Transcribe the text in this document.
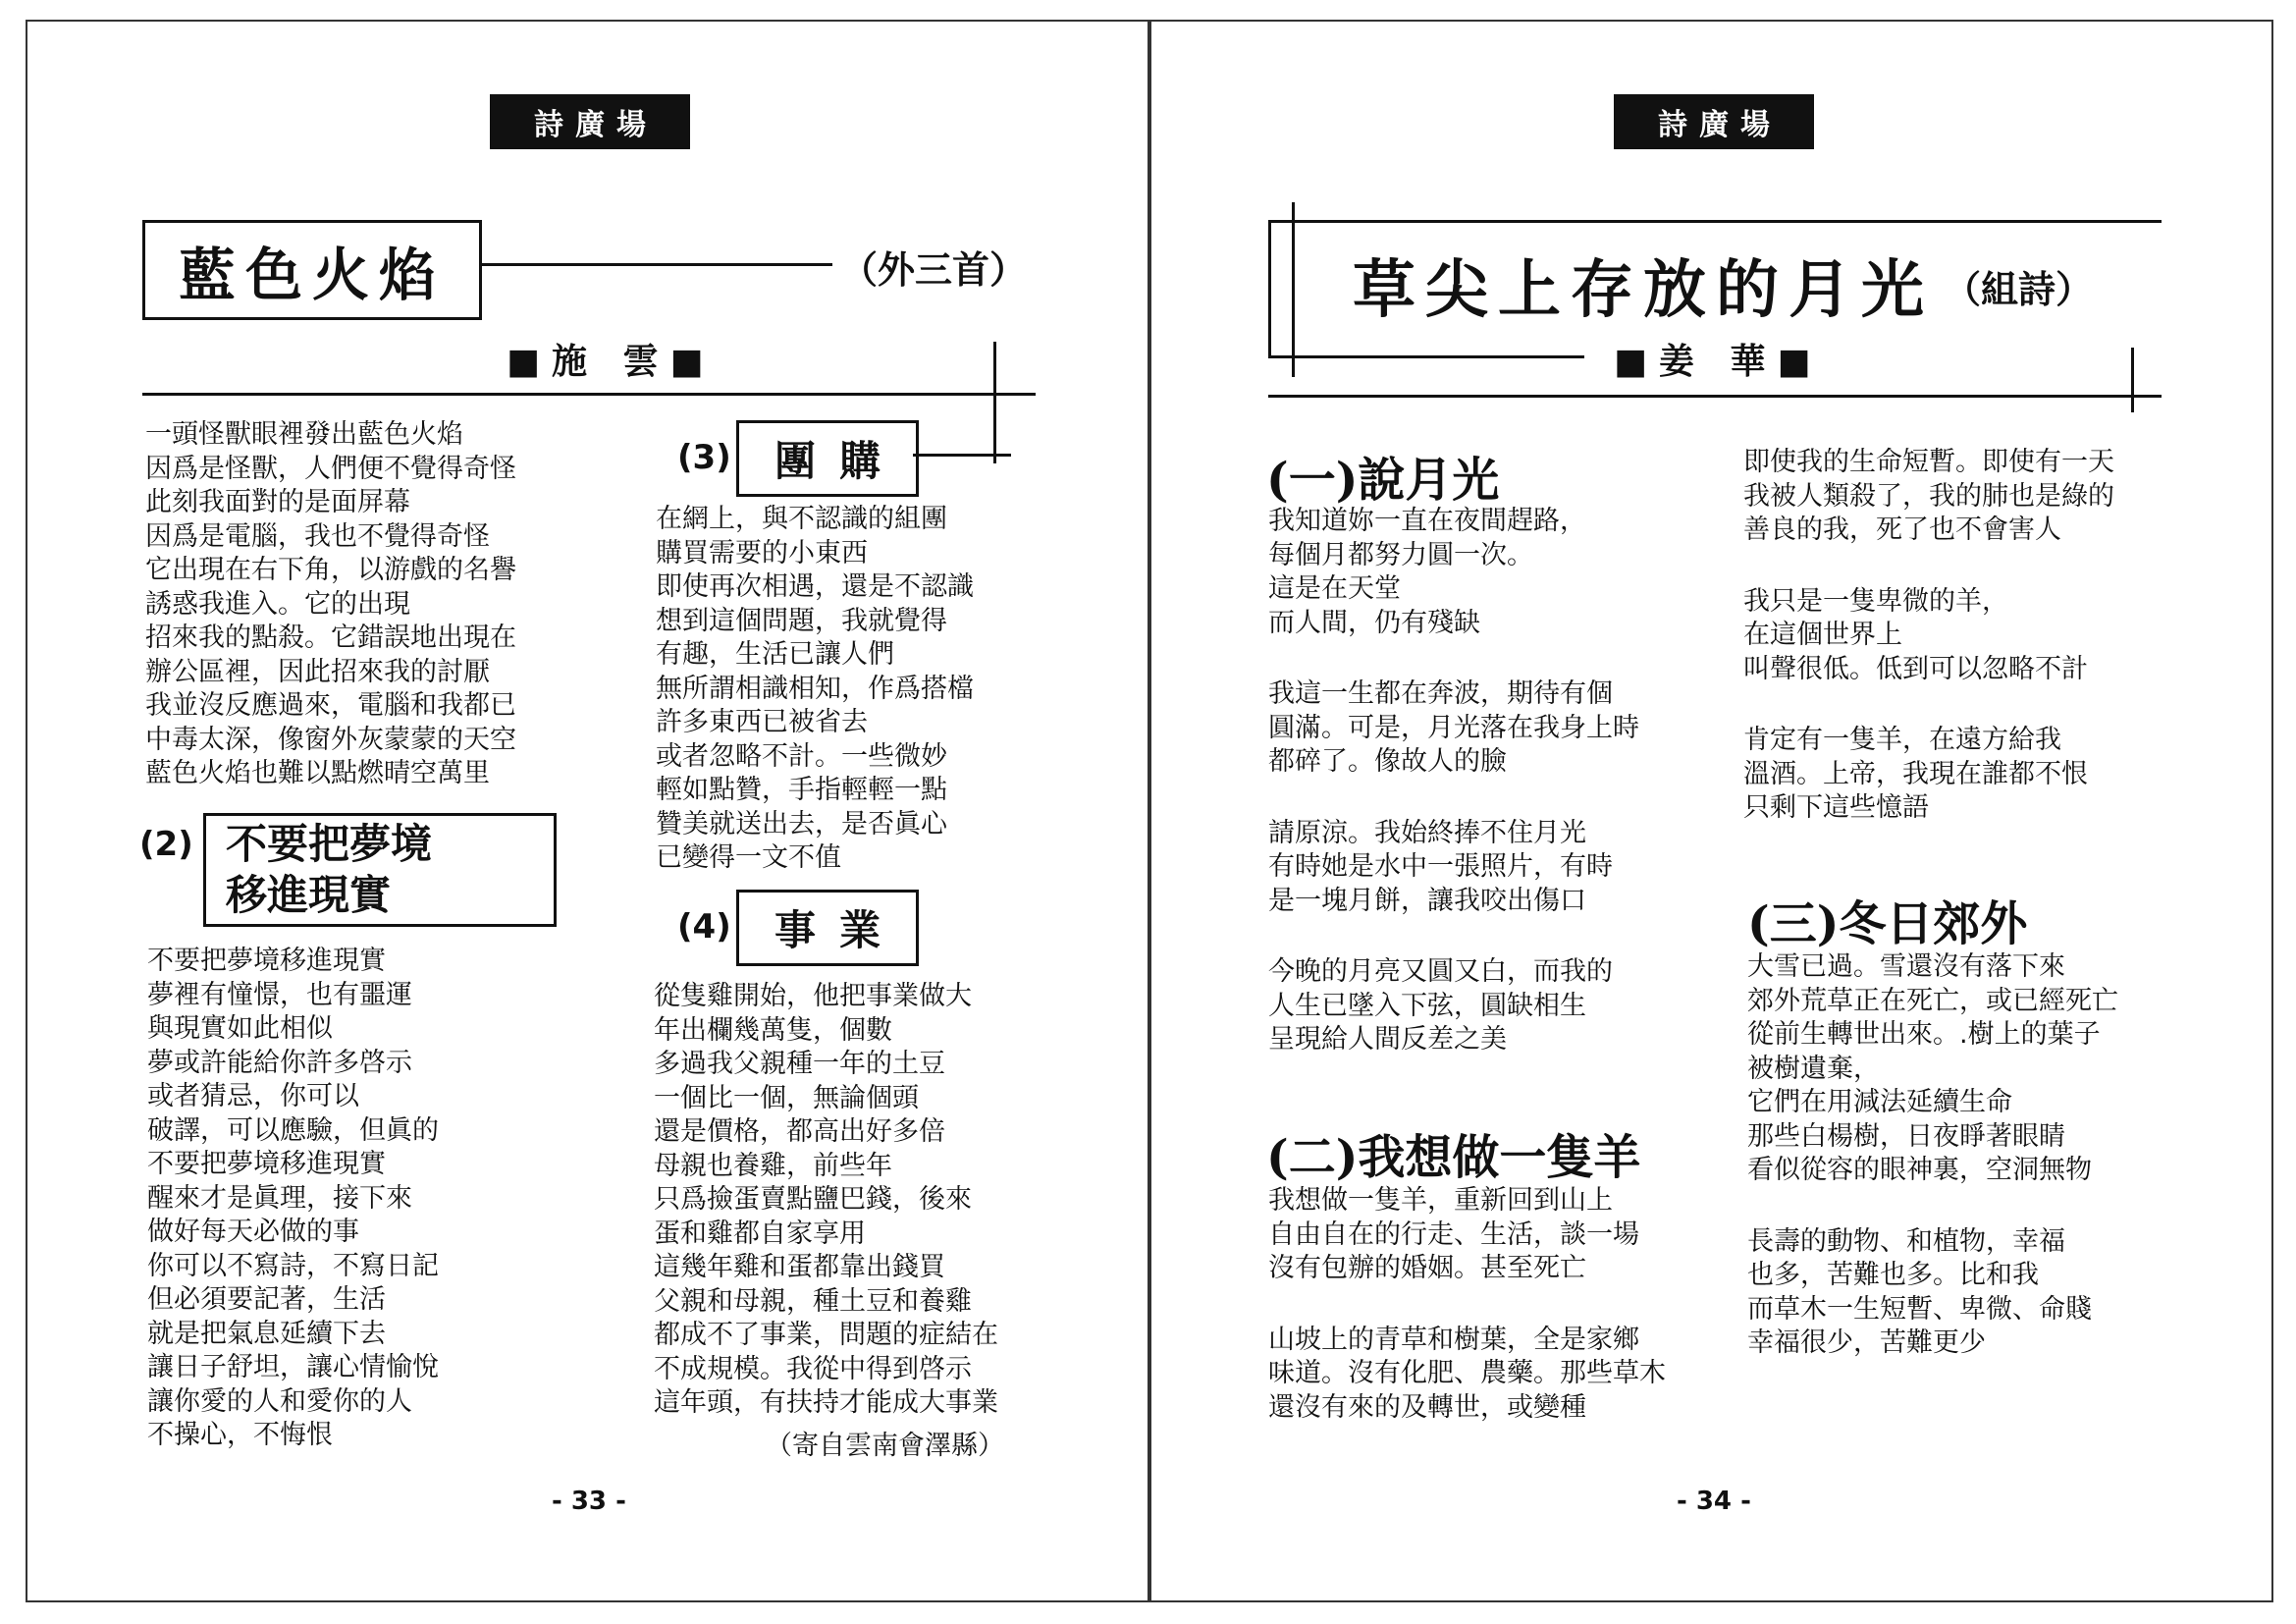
詩廣場
藍色火焰	（外三首）
■施 雲■
一頭怪獸眼裡發出藍色火焰
因爲是怪獸，人們便不覺得奇怪
此刻我面對的是面屏幕
因爲是電腦，我也不覺得奇怪
它出現在右下角，以游戲的名譽
誘惑我進入。它的出現
招來我的點殺。它錯誤地出現在
辦公區裡，因此招來我的討厭
我並沒反應過來，電腦和我都已
中毒太深，像窗外灰蒙蒙的天空
藍色火焰也難以點燃晴空萬里
(2) 不要把夢境
移進現實
不要把夢境移進現實
夢裡有憧憬，也有噩運
與現實如此相似
夢或許能給你許多啓示
或者猜忌，你可以
破譯，可以應驗，但眞的
不要把夢境移進現實
醒來才是眞理，接下來
做好每天必做的事
你可以不寫詩，不寫日記
但必須要記著，生活
就是把氣息延續下去
讓日子舒坦，讓心情愉悅
讓你愛的人和愛你的人
不操心，不悔恨
(3)	團購
在網上，與不認識的組團
購買需要的小東西
即使再次相遇，還是不認識
想到這個問題，我就覺得
有趣，生活已讓人們
無所謂相識相知，作爲搭檔
許多東西已被省去
或者忽略不計。一些微妙
輕如點贊，手指輕輕一點
贊美就送出去，是否眞心
已變得一文不值
(4)	事業
從隻雞開始，他把事業做大
年出欄幾萬隻，個數
多過我父親種一年的土豆
一個比一個，無論個頭
還是價格，都高出好多倍
母親也養雞，前些年
只爲撿蛋賣點鹽巴錢，後來
蛋和雞都自家享用
這幾年雞和蛋都靠出錢買
父親和母親，種土豆和養雞
都成不了事業，問題的症結在
不成規模。我從中得到啓示
這年頭，有扶持才能成大事業
（寄自雲南會澤縣）
- 33 -
詩廣場
草尖上存放的月光 （組詩）
■姜 華■
(一)說月光
我知道妳一直在夜間趕路，
每個月都努力圓一次。
這是在天堂
而人間，仍有殘缺
我這一生都在奔波，期待有個
圓滿。可是，月光落在我身上時
都碎了。像故人的臉
請原涼。我始終捧不住月光
有時她是水中一張照片，有時
是一塊月餅，讓我咬出傷口
今晚的月亮又圓又白，而我的
人生已墜入下弦，圓缺相生
呈現給人間反差之美
(二)我想做一隻羊
我想做一隻羊，重新回到山上
自由自在的行走、生活，談一場
沒有包辦的婚姻。甚至死亡
山坡上的青草和樹葉，全是家鄉
味道。沒有化肥、農藥。那些草木
還沒有來的及轉世，或變種
即使我的生命短暫。即使有一天
我被人類殺了，我的肺也是綠的
善良的我，死了也不會害人
我只是一隻卑微的羊，
在這個世界上
叫聲很低。低到可以忽略不計
肯定有一隻羊，在遠方給我
溫酒。上帝，我現在誰都不恨
只剩下這些憶語
(三)冬日郊外
大雪已過。雪還沒有落下來
郊外荒草正在死亡，或已經死亡
從前生轉世出來。.樹上的葉子
被樹遺棄，
它們在用減法延續生命
那些白楊樹，日夜睜著眼睛
看似從容的眼神裏，空洞無物
長壽的動物、和植物，幸福
也多，苦難也多。比和我
而草木一生短暫、卑微、命賤
幸福很少，苦難更少
- 34 -
